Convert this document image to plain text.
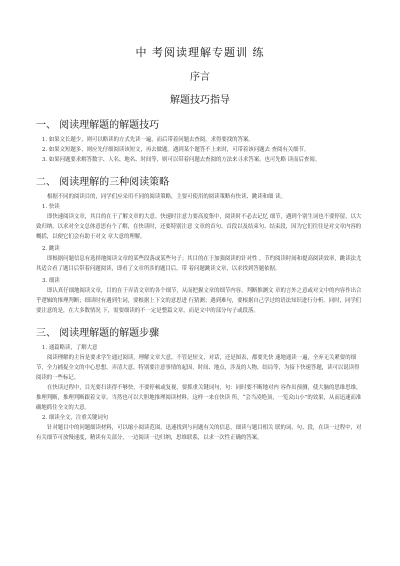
中 考阅读理解专题训 练
序言
解题技巧指导
一、 阅读理解题的解题技巧

1. 如果文长题少，则可以略读的方式先读一遍，而后带着问题去查阅，求得要找的答案。

2. 如果文短题多，则应先仔细阅读该短文，再去做题。遇到某个题答不上来时，可带着该问题去 查阅有关细节。

3. 如果问题要求解答数字、人名、地名、时间等，则可以带着问题去查阅的方法来寻求答案，也可先略 读而后查阅。

二、 阅读理解的三种阅读策略

根据不同的阅读目的，同学们应采用不同的阅读策略，主要可使用的阅读策略有快读、跳读和细 读。

1. 快读

即快速阅读文章，其目的在于了解文章的大意。快速时注意力要高度集中，阅读时不必去记忆 细节，遇到个别生词也不要停留，以大致归纳、以求对全文总体意思有个了解，在快读时，还要特别注意 文章的首句、首段以及结束句、结束段，因为它们往往是对文章内容的概括，以便它们会有助于对文 章大意的理解。

2. 跳读

即根据问题信息有选择地阅读文章的某些段落或某些句子；其目的在于加强阅读的针对性 ，节约阅读时间和提高阅读效率，跳读法尤其适合看了题目后带着问题阅读，即看了文章所涉的题目后，带 着问题跳读文章，以求找到答题依据。

3. 细读

即认真仔细地阅读文章，目的在于弄清文章的各个细节，从而把握文章的细节内容，判断推测文 章的言外之意或对文中的内容作出合乎逻辑的推理判断；细读时有遇到生词，要根据上下文的意思进 行猜测；遇到难句，要根据自己学过的语法知识进行分析。同时，同学们要注意的是，在大多数情况 下，需要细读的不一定是整篇文章，而是文中的部分句子或段落。

三、 阅读理解题的解题步骤

1. 通篇略读，了解大意

阅读理解的主旨是要求学生通过阅读，理解文章大意，不管是短文，对话，还是图表，都要先快 速地通读一遍，全弃无关紧要的细节，全力捕捉全文的中心思想，弄清大意，特别要注意事情的起因，时间、地点，涉及的人物，结局等，为接下快速答题，读可以说读得阅读的一些标记。

在快读过程中，目光要扫读得不够快，不要停顿或复视，要抓重关键词句，句：同时要不断地对内 容作出预测，使大脑的思维思维，推理判断，推理判断跟着文章。当然也可以大胆地推理阅读材料，这样一来在快读 所，“会当凌绝顶，一览众山小”的效果，从而迅速而准确地抓住全文的大意。

2. 细读全文，注重关键词句

针对题目中的问题细读材料，可以缩小阅读范围，迅速找到与问题有关的信息，细读与题目相关 联的词、句、段，在读一过程中，对有关细节可放慢速度，精读有关部分，一边阅读一边归纳，思维联系，以求一次性正确的答案。
